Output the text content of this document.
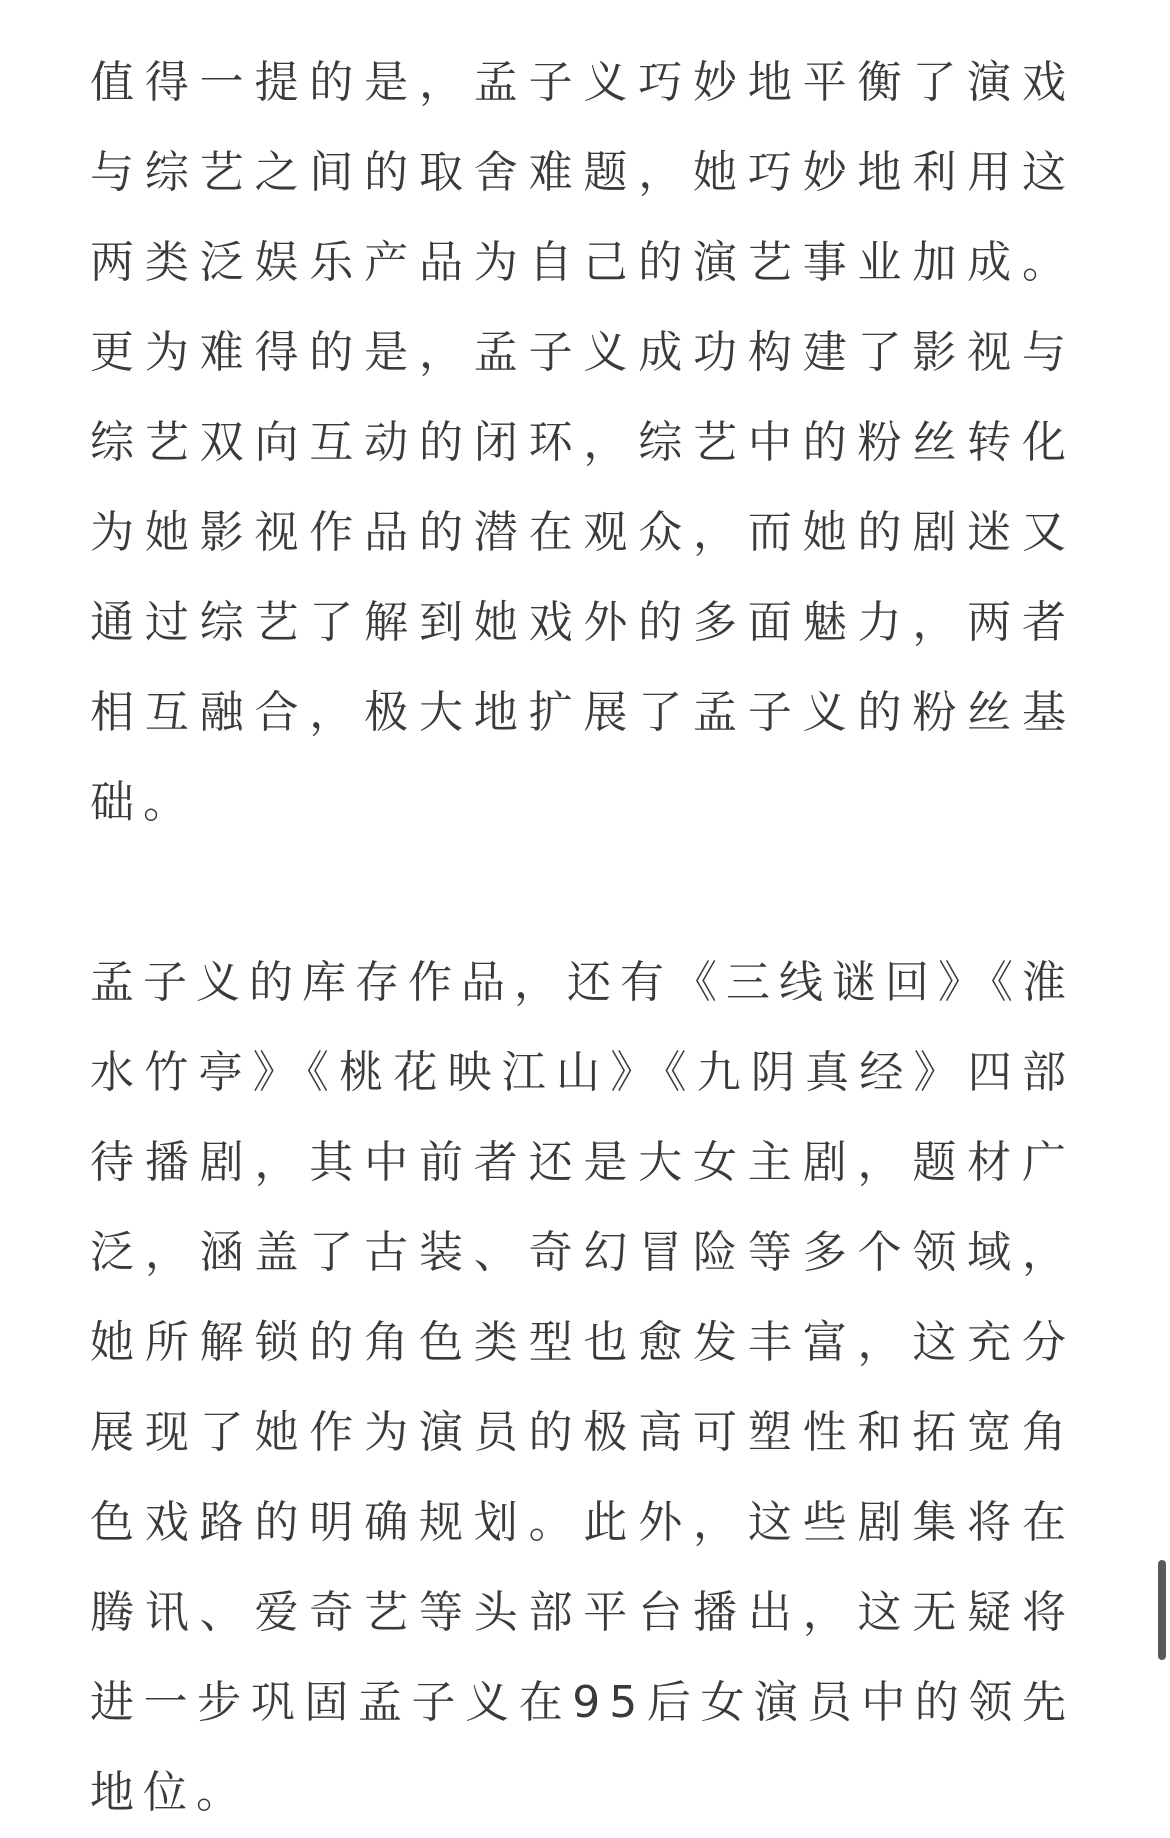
值得一提的是，孟子义巧妙地平衡了演戏与综艺之间的取舍难题，她巧妙地利用这两类泛娱乐产品为自己的演艺事业加成。更为难得的是，孟子义成功构建了影视与综艺双向互动的闭环，综艺中的粉丝转化为她影视作品的潜在观众，而她的剧迷又通过综艺了解到她戏外的多面魅力，两者相互融合，极大地扩展了孟子义的粉丝基础。

孟子义的库存作品，还有《三线谜回》《淮水竹亭》《桃花映江山》《九阴真经》四部待播剧，其中前者还是大女主剧，题材广泛，涵盖了古装、奇幻冒险等多个领域，她所解锁的角色类型也愈发丰富，这充分展现了她作为演员的极高可塑性和拓宽角色戏路的明确规划。此外，这些剧集将在腾讯、爱奇艺等头部平台播出，这无疑将进一步巩固孟子义在95后女演员中的领先地位。
